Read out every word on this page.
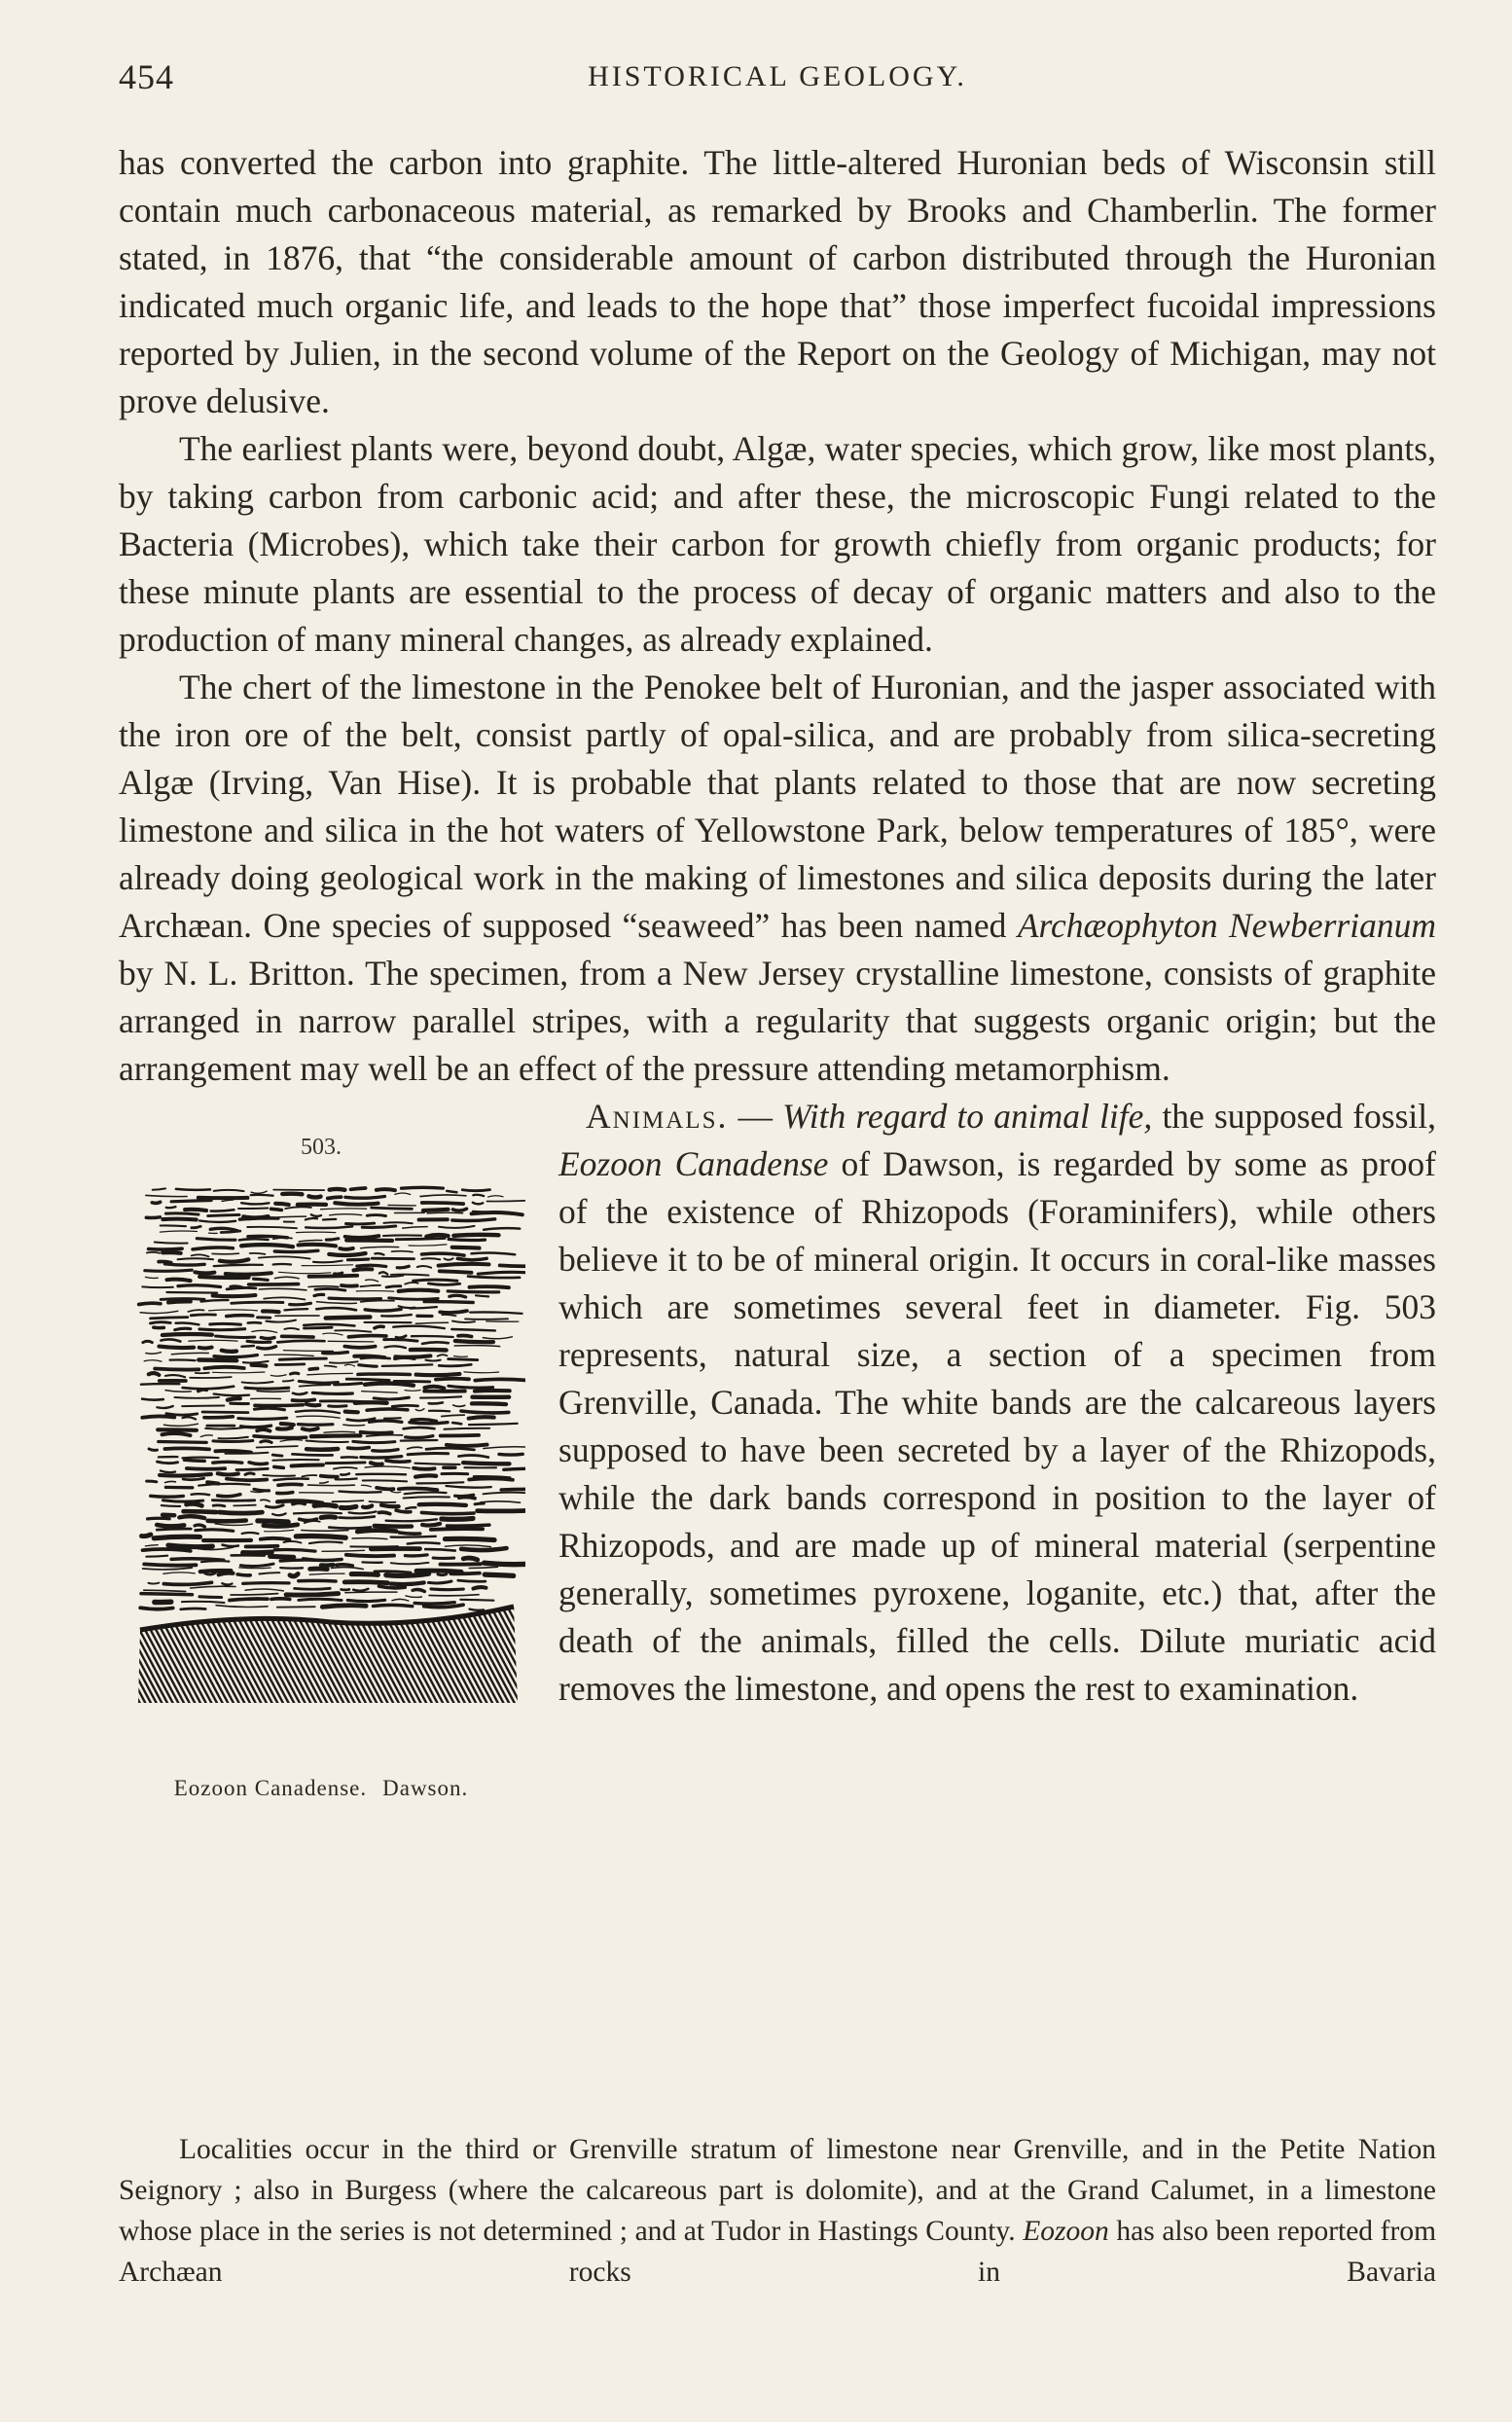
454	HISTORICAL GEOLOGY.

has converted the carbon into graphite. The little-altered Huronian beds of Wisconsin still contain much carbonaceous material, as remarked by Brooks and Chamberlin. The former stated, in 1876, that “the considerable amount of carbon distributed through the Huronian indicated much organic life, and leads to the hope that” those imperfect fucoidal impressions reported by Julien, in the second volume of the Report on the Geology of Michigan, may not prove delusive.

The earliest plants were, beyond doubt, Algæ, water species, which grow, like most plants, by taking carbon from carbonic acid; and after these, the microscopic Fungi related to the Bacteria (Microbes), which take their carbon for growth chiefly from organic products; for these minute plants are essential to the process of decay of organic matters and also to the production of many mineral changes, as already explained.

The chert of the limestone in the Penokee belt of Huronian, and the jasper associated with the iron ore of the belt, consist partly of opal-silica, and are probably from silica-secreting Algæ (Irving, Van Hise). It is probable that plants related to those that are now secreting limestone and silica in the hot waters of Yellowstone Park, below temperatures of 185°, were already doing geological work in the making of limestones and silica deposits during the later Archæan. One species of supposed “seaweed” has been named Archæophyton Newberrianum by N. L. Britton. The specimen, from a New Jersey crystalline limestone, consists of graphite arranged in narrow parallel stripes, with a regularity that suggests organic origin; but the arrangement may well be an effect of the pressure attending metamorphism.

503.
Eozoon Canadense. Dawson.

Animals. — With regard to animal life, the supposed fossil, Eozoon Canadense of Dawson, is regarded by some as proof of the existence of Rhizopods (Foraminifers), while others believe it to be of mineral origin. It occurs in coral-like masses which are sometimes several feet in diameter. Fig. 503 represents, natural size, a section of a specimen from Grenville, Canada. The white bands are the calcareous layers supposed to have been secreted by a layer of the Rhizopods, while the dark bands correspond in position to the layer of Rhizopods, and are made up of mineral material (serpentine generally, sometimes pyroxene, loganite, etc.) that, after the death of the animals, filled the cells. Dilute muriatic acid removes the limestone, and opens the rest to examination.

Localities occur in the third or Grenville stratum of limestone near Grenville, and in the Petite Nation Seignory ; also in Burgess (where the calcareous part is dolomite), and at the Grand Calumet, in a limestone whose place in the series is not determined ; and at Tudor in Hastings County. Eozoon has also been reported from Archæan rocks in Bavaria
